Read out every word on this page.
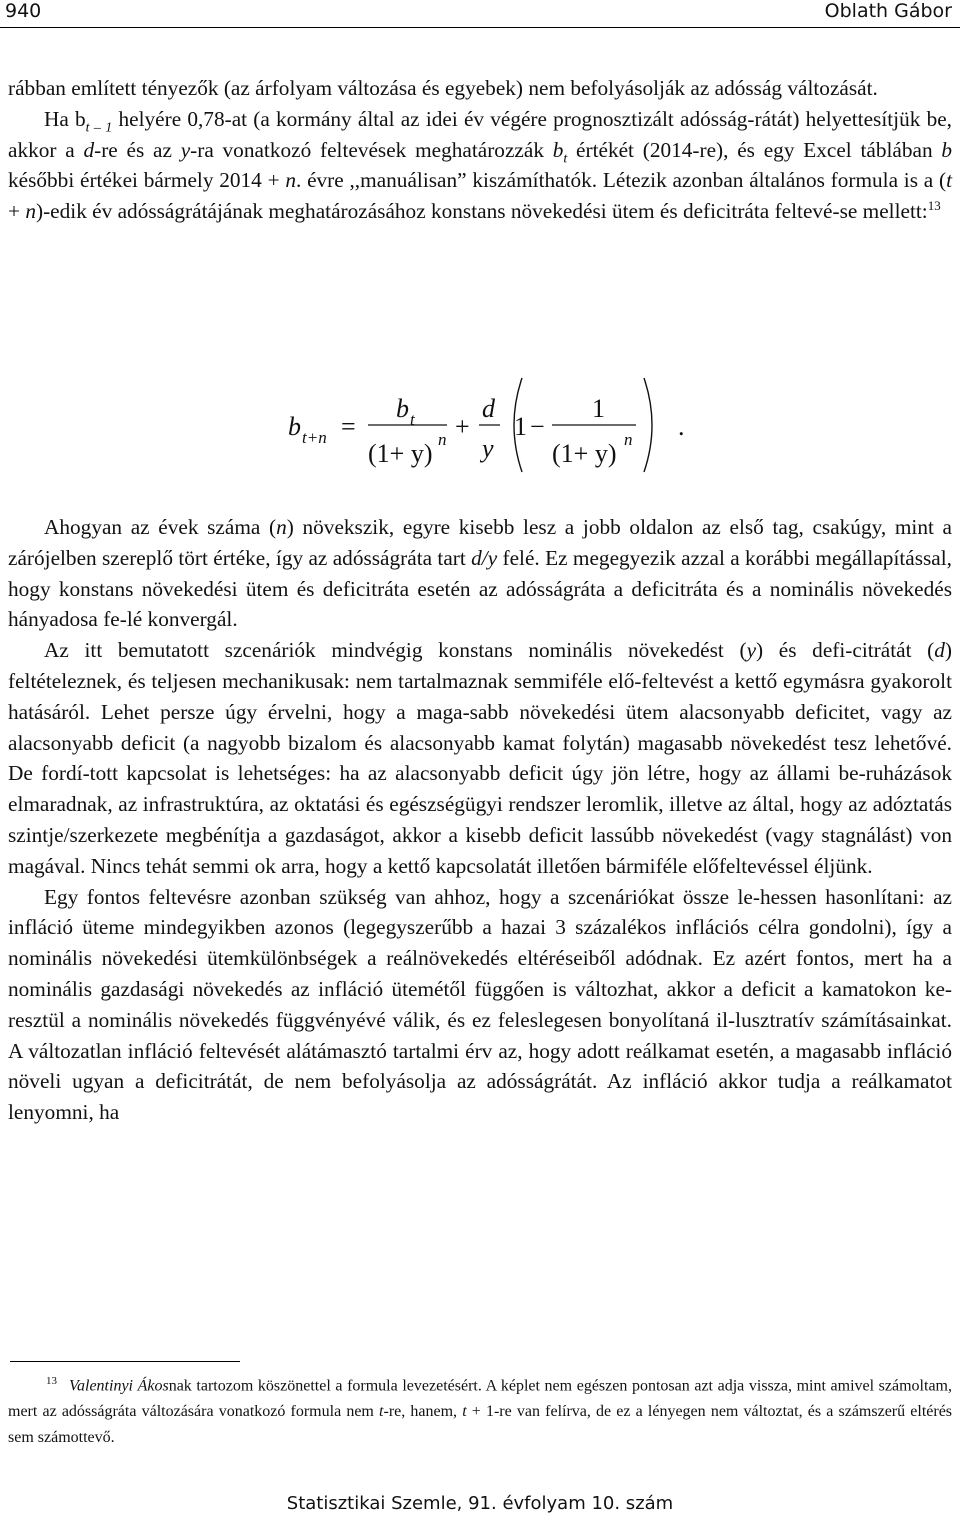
940	Oblath Gábor

rábban említett tényezők (az árfolyam változása és egyebek) nem befolyásolják az adósság változását.

Ha $b_{t - 1}$ helyére 0,78-at (a kormány által az idei év végére prognosztizált adósság-rátát) helyettesítjük be, akkor a d-re és az y-ra vonatkozó feltevések meghatározzák $b_t$ értékét (2014-re), és egy Excel táblában b későbbi értékei bármely 2014 + n. évre ,,manuálisan” kiszámíthatók. Létezik azonban általános formula is a (t + n)-edik év adósságrátájának meghatározásához konstans növekedési ütem és deficitráta feltevé-se mellett:$^{13}$

b t+n =
b t
(1+ y) n +
d
y
1 −
1
(1+ y) n .

Ahogyan az évek száma (n) növekszik, egyre kisebb lesz a jobb oldalon az első tag, csakúgy, mint a zárójelben szereplő tört értéke, így az adósságráta tart d/y felé. Ez megegyezik azzal a korábbi megállapítással, hogy konstans növekedési ütem és deficitráta esetén az adósságráta a deficitráta és a nominális növekedés hányadosa fe-lé konvergál.

Az itt bemutatott szcenáriók mindvégig konstans nominális növekedést (y) és defi-citrátát (d) feltételeznek, és teljesen mechanikusak: nem tartalmaznak semmiféle elő-feltevést a kettő egymásra gyakorolt hatásáról. Lehet persze úgy érvelni, hogy a maga-sabb növekedési ütem alacsonyabb deficitet, vagy az alacsonyabb deficit (a nagyobb bizalom és alacsonyabb kamat folytán) magasabb növekedést tesz lehetővé. De fordí-tott kapcsolat is lehetséges: ha az alacsonyabb deficit úgy jön létre, hogy az állami be-ruházások elmaradnak, az infrastruktúra, az oktatási és egészségügyi rendszer leromlik, illetve az által, hogy az adóztatás szintje/szerkezete megbénítja a gazdaságot, akkor a kisebb deficit lassúbb növekedést (vagy stagnálást) von magával. Nincs tehát semmi ok arra, hogy a kettő kapcsolatát illetően bármiféle előfeltevéssel éljünk.

Egy fontos feltevésre azonban szükség van ahhoz, hogy a szcenáriókat össze le-hessen hasonlítani: az infláció üteme mindegyikben azonos (legegyszerűbb a hazai 3 százalékos inflációs célra gondolni), így a nominális növekedési ütemkülönbségek a reálnövekedés eltéréseiből adódnak. Ez azért fontos, mert ha a nominális gazdasági növekedés az infláció ütemétől függően is változhat, akkor a deficit a kamatokon ke-resztül a nominális növekedés függvényévé válik, és ez feleslegesen bonyolítaná il-lusztratív számításainkat. A változatlan infláció feltevését alátámasztó tartalmi érv az, hogy adott reálkamat esetén, a magasabb infláció növeli ugyan a deficitrátát, de nem befolyásolja az adósságrátát. Az infláció akkor tudja a reálkamatot lenyomni, ha

$^{13}$ Valentinyi Ákosnak tartozom köszönettel a formula levezetésért. A képlet nem egészen pontosan azt adja vissza, mint amivel számoltam, mert az adósságráta változására vonatkozó formula nem t-re, hanem, t + 1-re van felírva, de ez a lényegen nem változtat, és a számszerű eltérés sem számottevő.
Statisztikai Szemle, 91. évfolyam 10. szám
